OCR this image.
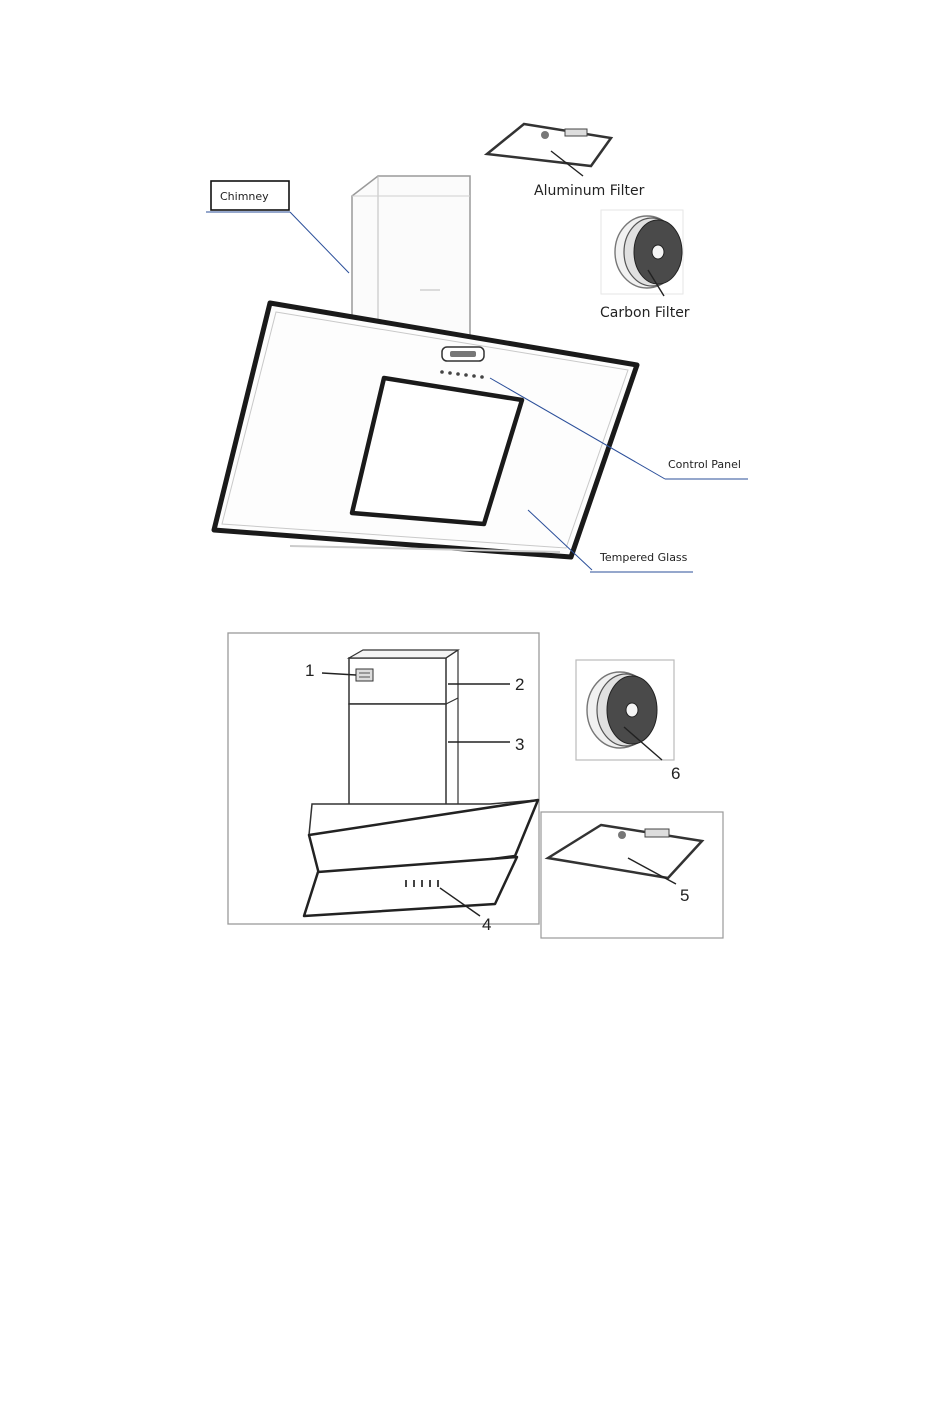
Chimney	Aluminum Filter
Carbon Filter
Control Panel
Tempered Glass
1
2
3
4
6
5
